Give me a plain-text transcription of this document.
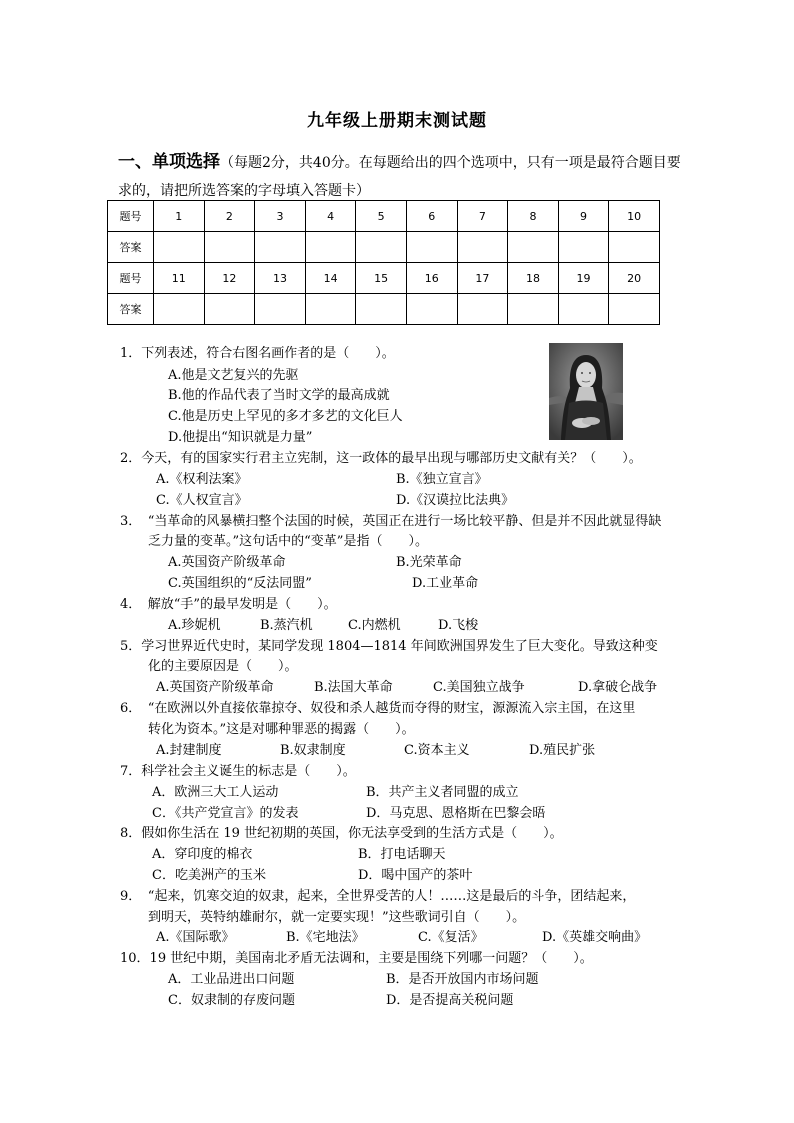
九年级上册期末测试题
一、单项选择（每题2分，共40分。在每题给出的四个选项中，只有一项是最符合题目要求的，请把所选答案的字母填入答题卡）
题号	1	2	3	4	5	6	7	8	9	10
答案										
题号	11	12	13	14	15	16	17	18	19	20
答案										
1．下列表述，符合右图名画作者的是（　　）。
A.他是文艺复兴的先驱
B.他的作品代表了当时文学的最高成就
C.他是历史上罕见的多才多艺的文化巨人
D.他提出“知识就是力量”
2．今天，有的国家实行君主立宪制，这一政体的最早出现与哪部历史文献有关？（　　）。
A.《权利法案》	B.《独立宣言》
C.《人权宣言》	D.《汉谟拉比法典》
3．　“当革命的风暴横扫整个法国的时候，英国正在进行一场比较平静、但是并不因此就显得缺
乏力量的变革。”这句话中的“变革”是指（　　）。
A.英国资产阶级革命	B.光荣革命
C.英国组织的“反法同盟”	D.工业革命
4．　解放“手”的最早发明是（　　）。
A.珍妮机	B.蒸汽机	C.内燃机	D.飞梭
5．学习世界近代史时，某同学发现 1804—1814 年间欧洲国界发生了巨大变化。导致这种变
化的主要原因是（　　）。
A.英国资产阶级革命	B.法国大革命	C.美国独立战争	D.拿破仑战争
6．　“在欧洲以外直接依靠掠夺、奴役和杀人越货而夺得的财宝，源源流入宗主国，在这里
转化为资本。”这是对哪种罪恶的揭露（　　）。
A.封建制度	B.奴隶制度	C.资本主义	D.殖民扩张
7．科学社会主义诞生的标志是（　　）。
A．欧洲三大工人运动	B．共产主义者同盟的成立
C．《共产党宣言》的发表	D．马克思、恩格斯在巴黎会晤
8．假如你生活在 19 世纪初期的英国，你无法享受到的生活方式是（　　）。
A．穿印度的棉衣	B．打电话聊天
C．吃美洲产的玉米	D．喝中国产的茶叶
9．　“起来，饥寒交迫的奴隶，起来，全世界受苦的人！……这是最后的斗争，团结起来，
到明天，英特纳雄耐尔，就一定要实现！”这些歌词引自（　　）。
A.《国际歌》	B.《宅地法》	C.《复活》	D.《英雄交响曲》
10．19 世纪中期，美国南北矛盾无法调和，主要是围绕下列哪一问题？（　　）。
A．工业品进出口问题	B．是否开放国内市场问题
C．奴隶制的存废问题	D．是否提高关税问题
